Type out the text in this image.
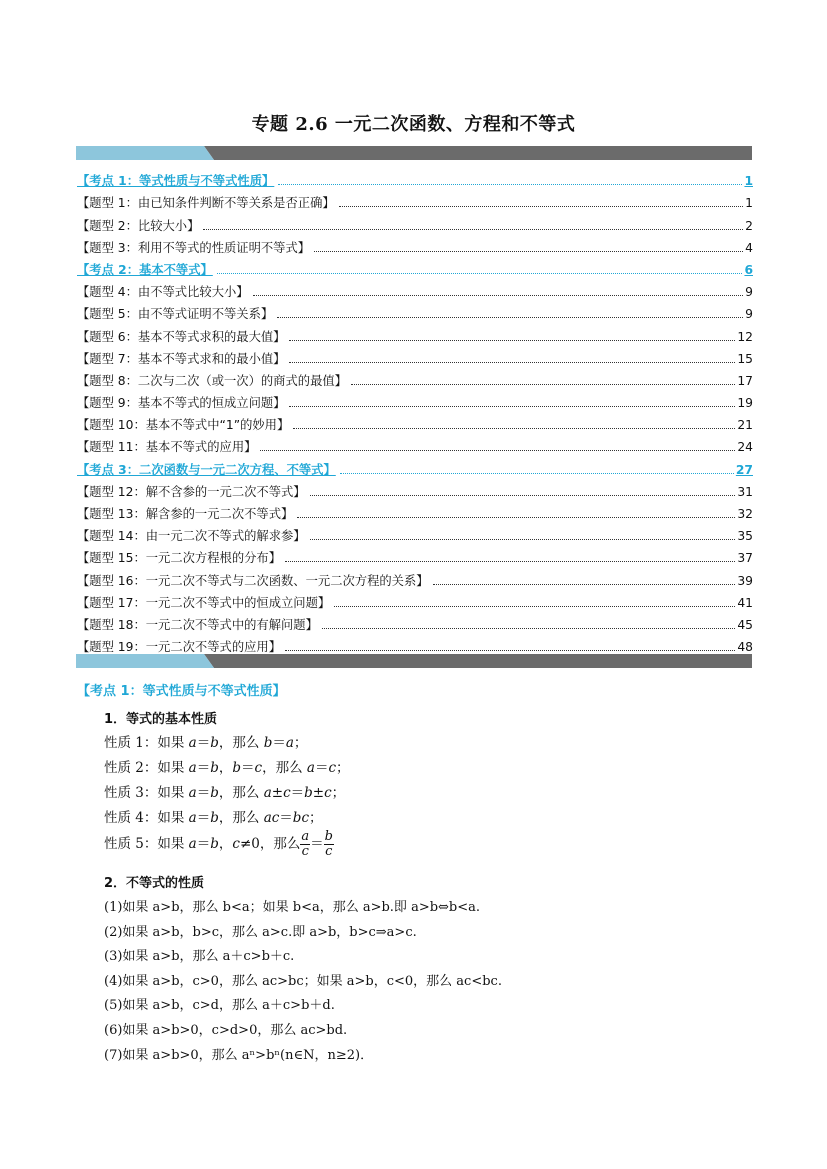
专题 2.6 一元二次函数、方程和不等式
【考点 1：等式性质与不等式性质】	1
【题型 1：由已知条件判断不等关系是否正确】	1
【题型 2：比较大小】	2
【题型 3：利用不等式的性质证明不等式】	4
【考点 2：基本不等式】	6
【题型 4：由不等式比较大小】	9
【题型 5：由不等式证明不等关系】	9
【题型 6：基本不等式求积的最大值】	12
【题型 7：基本不等式求和的最小值】	15
【题型 8：二次与二次（或一次）的商式的最值】	17
【题型 9：基本不等式的恒成立问题】	19
【题型 10：基本不等式中“1”的妙用】	21
【题型 11：基本不等式的应用】	24
【考点 3：二次函数与一元二次方程、不等式】	27
【题型 12：解不含参的一元二次不等式】	31
【题型 13：解含参的一元二次不等式】	32
【题型 14：由一元二次不等式的解求参】	35
【题型 15：一元二次方程根的分布】	37
【题型 16：一元二次不等式与二次函数、一元二次方程的关系】	39
【题型 17：一元二次不等式中的恒成立问题】	41
【题型 18：一元二次不等式中的有解问题】	45
【题型 19：一元二次不等式的应用】	48
【考点 1：等式性质与不等式性质】
1．等式的基本性质
性质 1：如果 a＝b，那么 b＝a；
性质 2：如果 a＝b，b＝c，那么 a＝c；
性质 3：如果 a＝b，那么 a±c＝b±c；
性质 4：如果 a＝b，那么 ac＝bc；
性质 5：如果 a＝b，c≠0，那么 $\frac{a}{c} = \frac{b}{c}$
2．不等式的性质
(1)如果 a>b，那么 b<a；如果 b<a，那么 a>b.即 a>b⇔b<a.
(2)如果 a>b，b>c，那么 a>c.即 a>b，b>c⇒a>c.
(3)如果 a>b，那么 a＋c>b＋c.
(4)如果 a>b，c>0，那么 ac>bc；如果 a>b，c<0，那么 ac<bc.
(5)如果 a>b，c>d，那么 a＋c>b＋d.
(6)如果 a>b>0，c>d>0，那么 ac>bd.
(7)如果 a>b>0，那么 aⁿ>bⁿ(n∈N，n≥2)．
